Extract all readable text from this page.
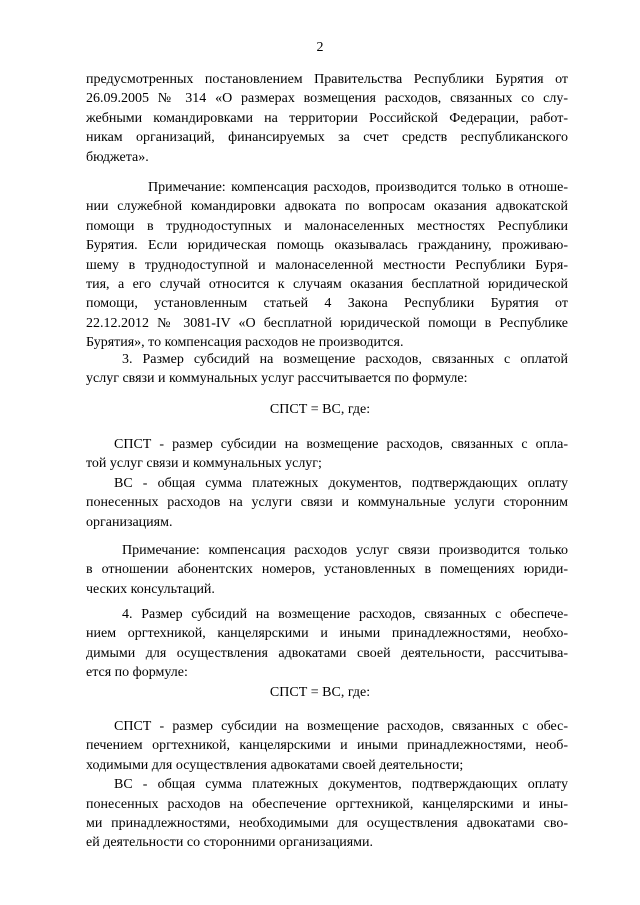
2
предусмотренных постановлением Правительства Республики Бурятия от
26.09.2005 № 314 «О размерах возмещения расходов, связанных со слу-
жебными командировками на территории Российской Федерации, работ-
никам организаций, финансируемых за счет средств республиканского
бюджета».
Примечание: компенсация расходов, производится только в отноше-
нии служебной командировки адвоката по вопросам оказания адвокатской
помощи в труднодоступных и малонаселенных местностях Республики
Бурятия. Если юридическая помощь оказывалась гражданину, проживаю-
шему в труднодоступной и малонаселенной местности Республики Буря-
тия, а его случай относится к случаям оказания бесплатной юридической
помощи, установленным статьей 4 Закона Республики Бурятия от
22.12.2012 № 3081-IV «О бесплатной юридической помощи в Республике
Бурятия», то компенсация расходов не производится.
3. Размер субсидий на возмещение расходов, связанных с оплатой
услуг связи и коммунальных услуг рассчитывается по формуле:
СПСТ = ВС, где:
СПСТ - размер субсидии на возмещение расходов, связанных с опла-
той услуг связи и коммунальных услуг;
ВС - общая сумма платежных документов, подтверждающих оплату
понесенных расходов на услуги связи и коммунальные услуги сторонним
организациям.
Примечание: компенсация расходов услуг связи производится только
в отношении абонентских номеров, установленных в помещениях юриди-
ческих консультаций.
4. Размер субсидий на возмещение расходов, связанных с обеспече-
нием оргтехникой, канцелярскими и иными принадлежностями, необхо-
димыми для осуществления адвокатами своей деятельности, рассчитыва-
ется по формуле:
СПСТ = ВС, где:
СПСТ - размер субсидии на возмещение расходов, связанных с обес-
печением оргтехникой, канцелярскими и иными принадлежностями, необ-
ходимыми для осуществления адвокатами своей деятельности;
ВС - общая сумма платежных документов, подтверждающих оплату
понесенных расходов на обеспечение оргтехникой, канцелярскими и ины-
ми принадлежностями, необходимыми для осуществления адвокатами сво-
ей деятельности со сторонними организациями.
